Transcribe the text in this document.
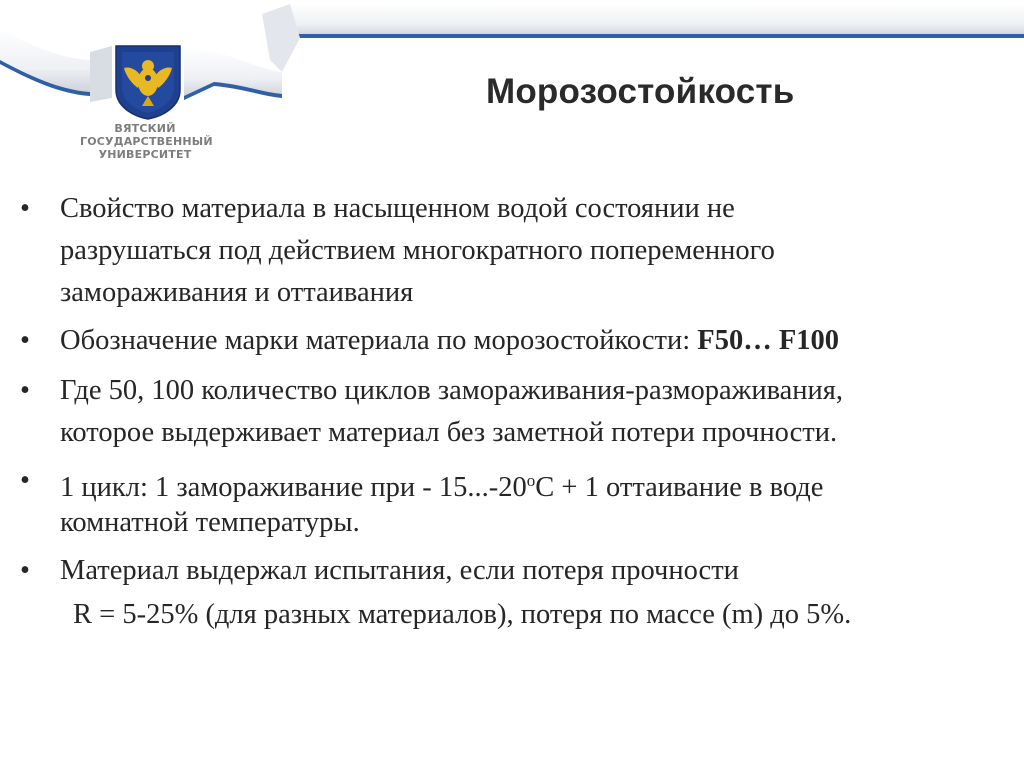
ВЯТСКИЙ
ГОСУДАРСТВЕННЫЙ
УНИВЕРСИТЕТ
Морозостойкость
•	Свойство материала в насыщенном водой состоянии не
разрушаться под действием многократного попеременного
замораживания и оттаивания
•	Обозначение марки материала по морозостойкости: F50… F100
•	Где 50, 100 количество циклов замораживания-размораживания,
которое выдерживает материал без заметной потери прочности.
•	1 цикл: 1 замораживание при - $15...-20^оС + 1$ оттаивание в воде
комнатной температуры.
•	Материал выдержал испытания, если потеря прочности
R = 5-25% (для разных материалов), потеря по массе (m) до 5%.
